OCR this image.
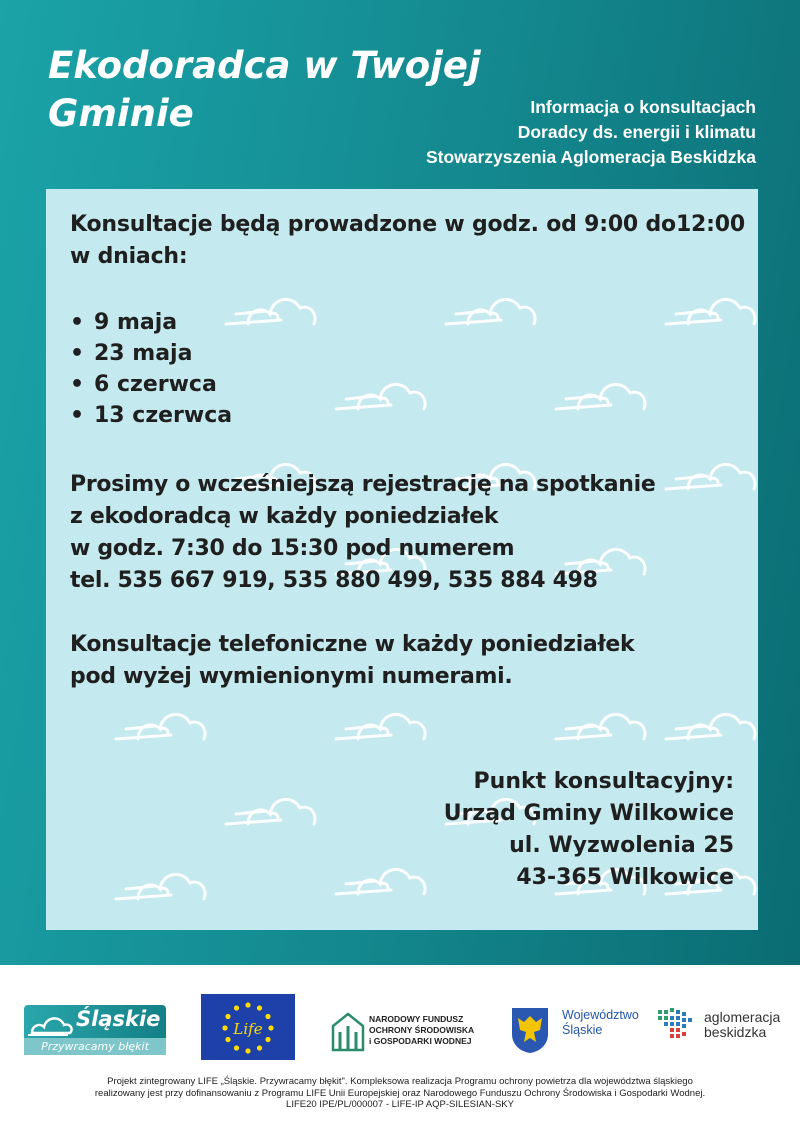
Ekodoradca w Twojej
Gminie	Informacja o konsultacjach
Doradcy ds. energii i klimatu
Stowarzyszenia Aglomeracja Beskidzka
Konsultacje będą prowadzone w godz. od 9:00 do12:00
w dniach:
• 9 maja
• 23 maja
• 6 czerwca
• 13 czerwca
Prosimy o wcześniejszą rejestrację na spotkanie
z ekodoradcą w każdy poniedziałek
w godz. 7:30 do 15:30 pod numerem
tel. 535 667 919, 535 880 499, 535 884 498
Konsultacje telefoniczne w każdy poniedziałek
pod wyżej wymienionymi numerami.
Punkt konsultacyjny:
Urząd Gminy Wilkowice
ul. Wyzwolenia 25
43-365 Wilkowice
Śląskie
Przywracamy błękit
Life
NARODOWY FUNDUSZ
OCHRONY ŚRODOWISKA
i GOSPODARKI WODNEJ
Województwo
Śląskie
aglomeracja
beskidzka
Projekt zintegrowany LIFE „Śląskie. Przywracamy błękit". Kompleksowa realizacja Programu ochrony powietrza dla województwa śląskiego
realizowany jest przy dofinansowaniu z Programu LIFE Unii Europejskiej oraz Narodowego Funduszu Ochrony Środowiska i Gospodarki Wodnej.
LIFE20 IPE/PL/000007 - LIFE-IP AQP-SILESIAN-SKY
